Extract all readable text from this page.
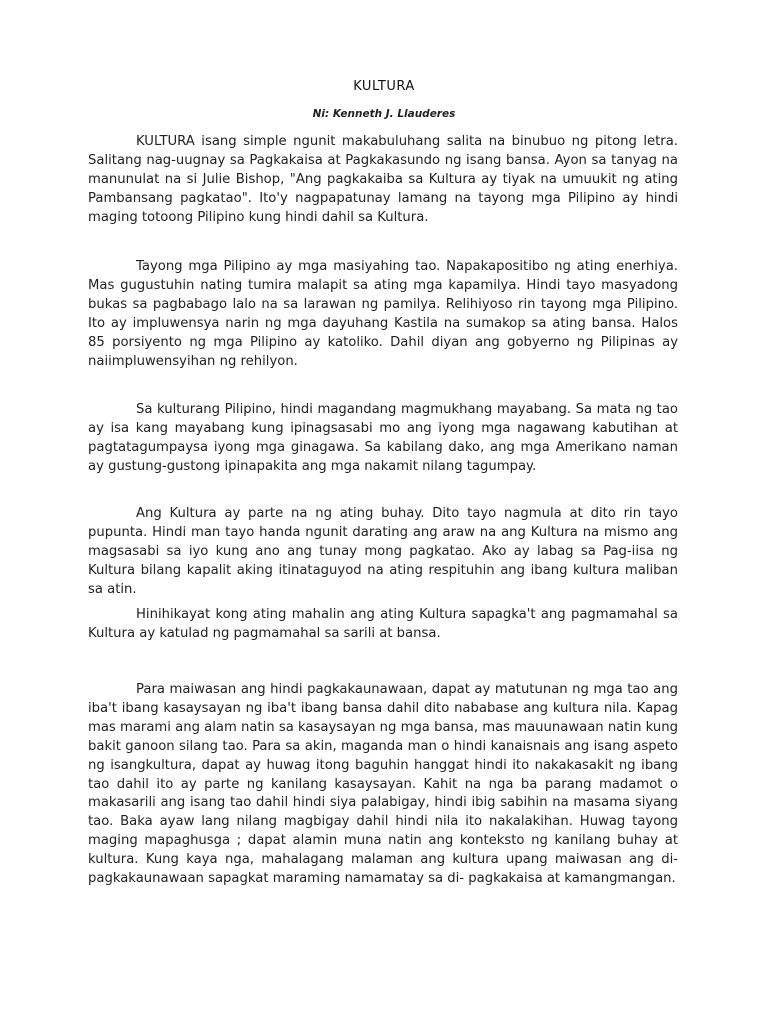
KULTURA
Ni: Kenneth J. Llauderes

KULTURA isang simple ngunit makabuluhang salita na binubuo ng pitong letra. Salitang nag-uugnay sa Pagkakaisa at Pagkakasundo ng isang bansa. Ayon sa tanyag na manunulat na si Julie Bishop, "Ang pagkakaiba sa Kultura ay tiyak na umuukit ng ating Pambansang pagkatao". Ito'y nagpapatunay lamang na tayong mga Pilipino ay hindi maging totoong Pilipino kung hindi dahil sa Kultura.

Tayong mga Pilipino ay mga masiyahing tao. Napakapositibo ng ating enerhiya. Mas gugustuhin nating tumira malapit sa ating mga kapamilya. Hindi tayo masyadong bukas sa pagbabago lalo na sa larawan ng pamilya. Relihiyoso rin tayong mga Pilipino. Ito ay impluwensya narin ng mga dayuhang Kastila na sumakop sa ating bansa. Halos 85 porsiyento ng mga Pilipino ay katoliko. Dahil diyan ang gobyerno ng Pilipinas ay naiimpluwensyihan ng rehilyon.

Sa kulturang Pilipino, hindi magandang magmukhang mayabang. Sa mata ng tao ay isa kang mayabang kung ipinagsasabi mo ang iyong mga nagawang kabutihan at pagtatagumpaysa iyong mga ginagawa. Sa kabilang dako, ang mga Amerikano naman ay gustung-gustong ipinapakita ang mga nakamit nilang tagumpay.

Ang Kultura ay parte na ng ating buhay. Dito tayo nagmula at dito rin tayo pupunta. Hindi man tayo handa ngunit darating ang araw na ang Kultura na mismo ang magsasabi sa iyo kung ano ang tunay mong pagkatao. Ako ay labag sa Pag-iisa ng Kultura bilang kapalit aking itinataguyod na ating respituhin ang ibang kultura maliban sa atin.

Hinihikayat kong ating mahalin ang ating Kultura sapagka't ang pagmamahal sa Kultura ay katulad ng pagmamahal sa sarili at bansa.

Para maiwasan ang hindi pagkakaunawaan, dapat ay matutunan ng mga tao ang iba't ibang kasaysayan ng iba't ibang bansa dahil dito nababase ang kultura nila. Kapag mas marami ang alam natin sa kasaysayan ng mga bansa, mas mauunawaan natin kung bakit ganoon silang tao. Para sa akin, maganda man o hindi kanaisnais ang isang aspeto ng isangkultura, dapat ay huwag itong baguhin hanggat hindi ito nakakasakit ng ibang tao dahil ito ay parte ng kanilang kasaysayan. Kahit na nga ba parang madamot o makasarili ang isang tao dahil hindi siya palabigay, hindi ibig sabihin na masama siyang tao. Baka ayaw lang nilang magbigay dahil hindi nila ito nakalakihan. Huwag tayong maging mapaghusga ; dapat alamin muna natin ang konteksto ng kanilang buhay at kultura. Kung kaya nga, mahalagang malaman ang kultura upang maiwasan ang di-pagkakaunawaan sapagkat maraming namamatay sa di- pagkakaisa at kamangmangan.
